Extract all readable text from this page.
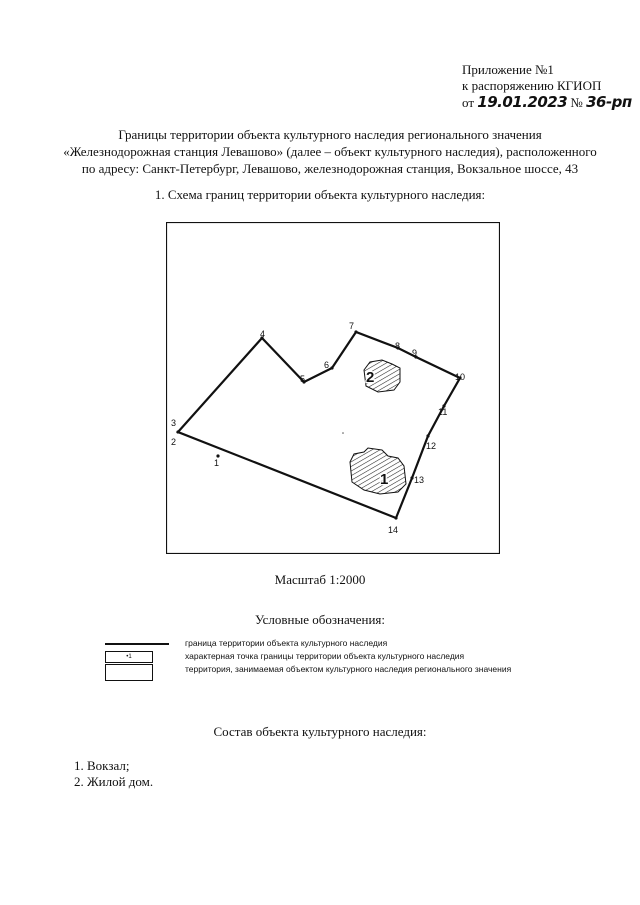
Приложение №1
к распоряжению КГИОП
от 19.01.2023 № 36-рп
Границы территории объекта культурного наследия регионального значения
«Железнодорожная станция Левашово» (далее – объект культурного наследия), расположенного
по адресу: Санкт-Петербург, Левашово, железнодорожная станция, Вокзальное шоссе, 43
1. Схема границ территории объекта культурного наследия:
1
2
3
4
5
6
7
8
9
10
11
12
13
14
1
2
Масштаб 1:2000
Условные обозначения:
•1
граница территории объекта культурного наследия
характерная точка границы территории объекта культурного наследия
территория, занимаемая объектом культурного наследия регионального значения
Состав объекта культурного наследия:
1. Вокзал;
2. Жилой дом.
